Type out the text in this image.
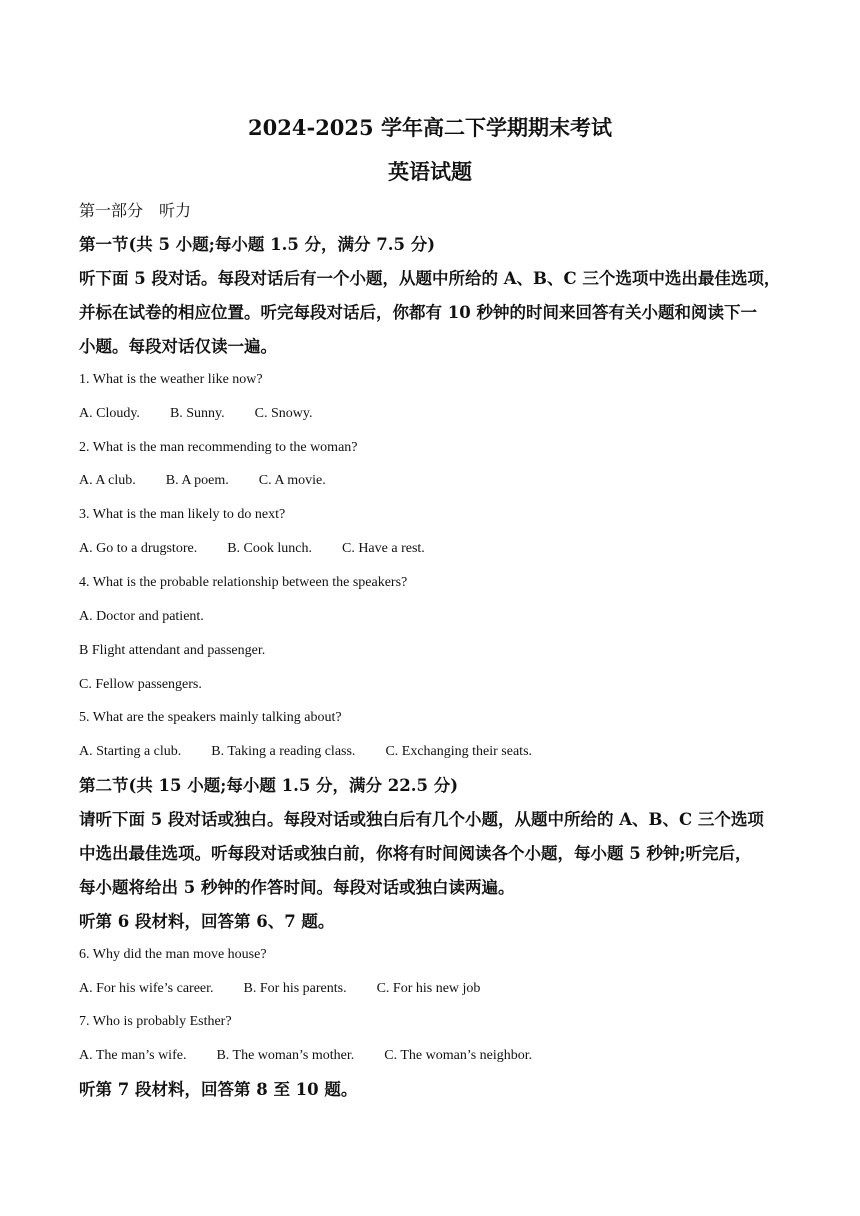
2024-2025 学年高二下学期期末考试
英语试题
第一部分　听力
第一节(共 5 小题;每小题 1.5 分，满分 7.5 分)
听下面 5 段对话。每段对话后有一个小题，从题中所给的 A、B、C 三个选项中选出最佳选项，
并标在试卷的相应位置。听完每段对话后，你都有 10 秒钟的时间来回答有关小题和阅读下一
小题。每段对话仅读一遍。
1. What is the weather like now?
A. Cloudy. B. Sunny. C. Snowy.
2. What is the man recommending to the woman?
A. A club. B. A poem. C. A movie.
3. What is the man likely to do next?
A. Go to a drugstore. B. Cook lunch. C. Have a rest.
4. What is the probable relationship between the speakers?
A. Doctor and patient.
B Flight attendant and passenger.
C. Fellow passengers.
5. What are the speakers mainly talking about?
A. Starting a club. B. Taking a reading class. C. Exchanging their seats.
第二节(共 15 小题;每小题 1.5 分，满分 22.5 分)
请听下面 5 段对话或独白。每段对话或独白后有几个小题，从题中所给的 A、B、C 三个选项
中选出最佳选项。听每段对话或独白前，你将有时间阅读各个小题，每小题 5 秒钟;听完后，
每小题将给出 5 秒钟的作答时间。每段对话或独白读两遍。
听第 6 段材料，回答第 6、7 题。
6. Why did the man move house?
A. For his wife’s career. B. For his parents. C. For his new job
7. Who is probably Esther?
A. The man’s wife. B. The woman’s mother. C. The woman’s neighbor.
听第 7 段材料，回答第 8 至 10 题。
